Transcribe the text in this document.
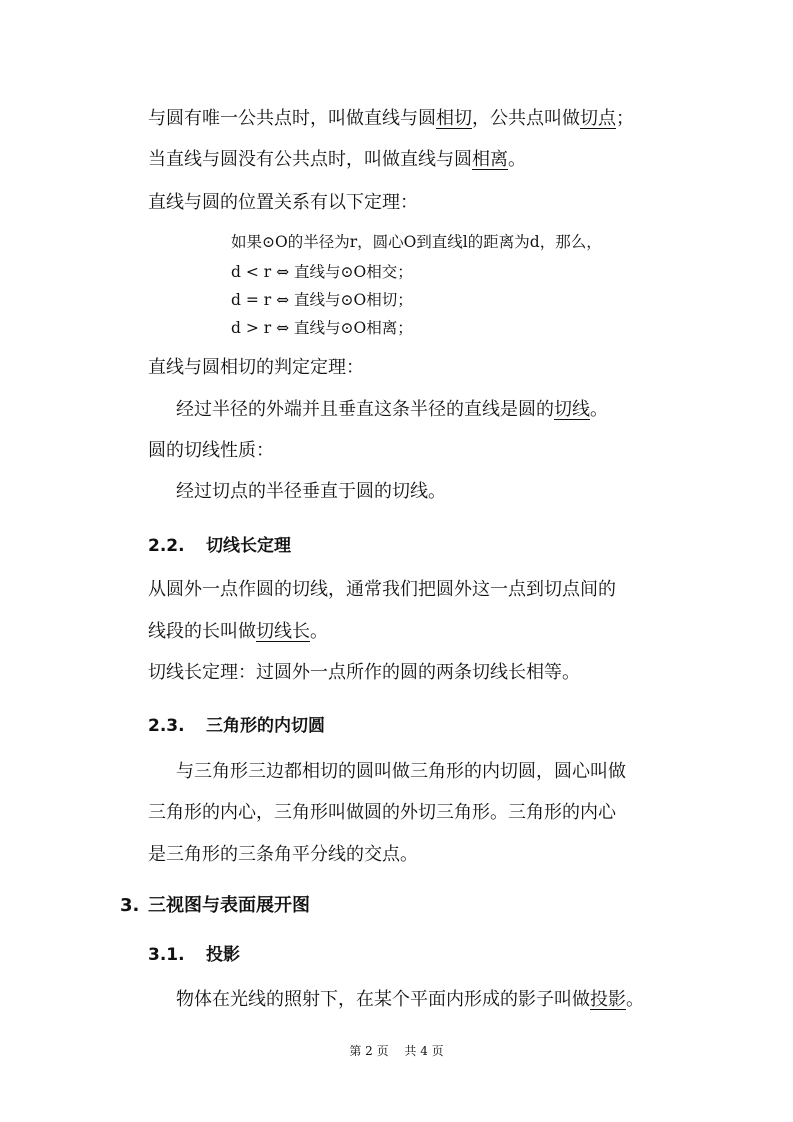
与圆有唯一公共点时，叫做直线与圆相切，公共点叫做切点；
当直线与圆没有公共点时，叫做直线与圆相离。
直线与圆的位置关系有以下定理：
如果⊙O的半径为r，圆心O到直线l的距离为d，那么，
d < r ⇔ 直线与⊙O相交；
d = r ⇔ 直线与⊙O相切；
d > r ⇔ 直线与⊙O相离；
直线与圆相切的判定定理：
经过半径的外端并且垂直这条半径的直线是圆的切线。
圆的切线性质：
经过切点的半径垂直于圆的切线。
2.2. 切线长定理
从圆外一点作圆的切线，通常我们把圆外这一点到切点间的
线段的长叫做切线长。
切线长定理：过圆外一点所作的圆的两条切线长相等。
2.3. 三角形的内切圆
与三角形三边都相切的圆叫做三角形的内切圆，圆心叫做
三角形的内心，三角形叫做圆的外切三角形。三角形的内心
是三角形的三条角平分线的交点。
3. 三视图与表面展开图
3.1. 投影
物体在光线的照射下，在某个平面内形成的影子叫做投影。
第 2 页 共 4 页
